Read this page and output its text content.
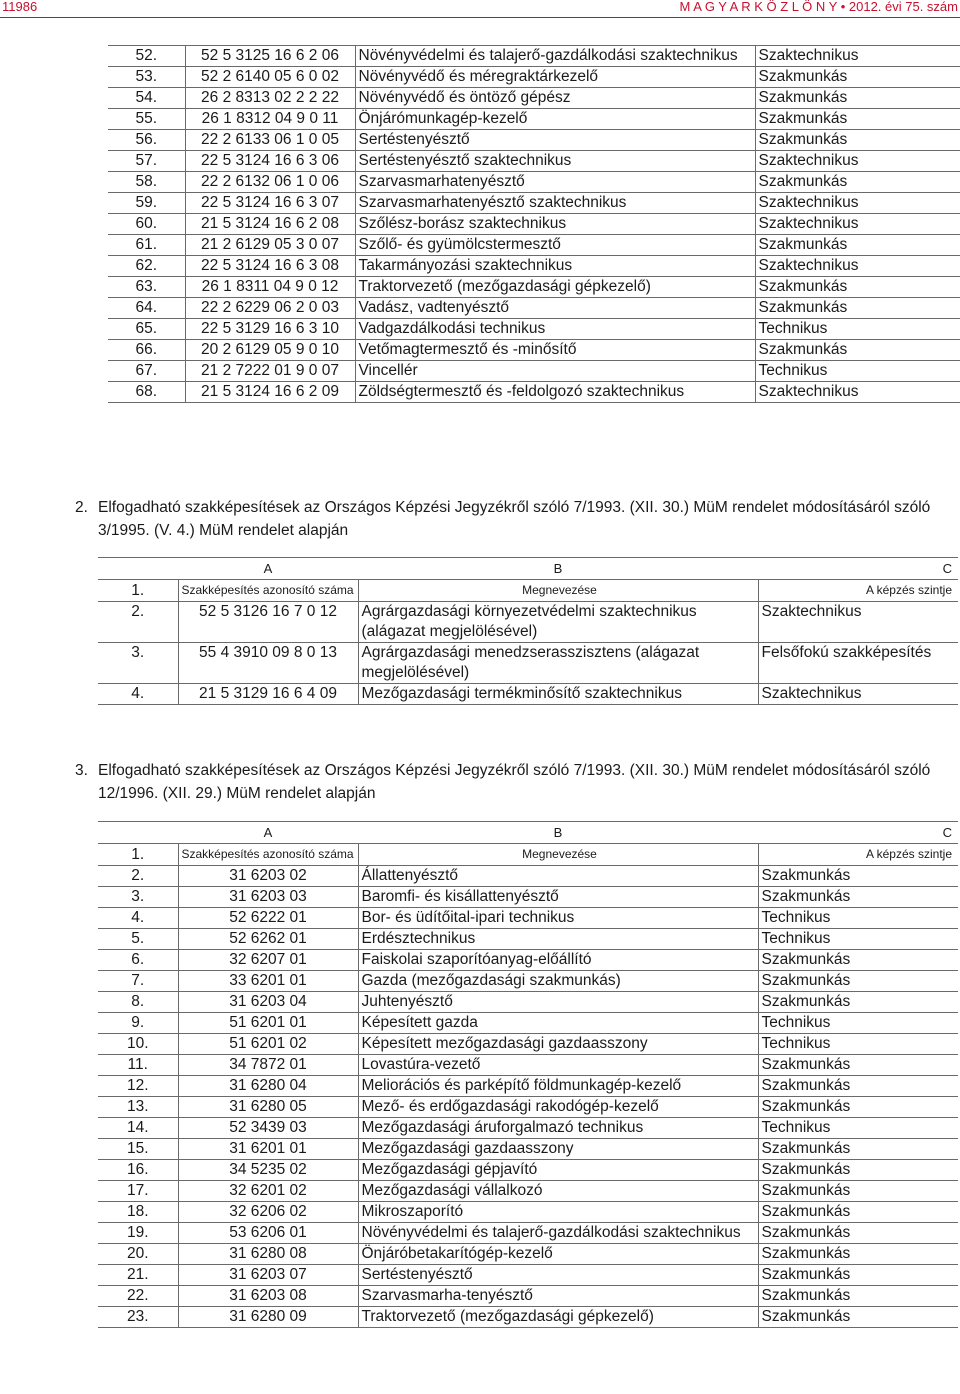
11986	M A G Y A R K Ö Z L Ö N Y • 2012. évi 75. szám
52.	52 5 3125 16 6 2 06	Növényvédelmi és talajerő-gazdálkodási szaktechnikus	Szaktechnikus
53.	52 2 6140 05 6 0 02	Növényvédő és méregraktárkezelő	Szakmunkás
54.	26 2 8313 02 2 2 22	Növényvédő és öntöző gépész	Szakmunkás
55.	26 1 8312 04 9 0 11	Önjárómunkagép-kezelő	Szakmunkás
56.	22 2 6133 06 1 0 05	Sertéstenyésztő	Szakmunkás
57.	22 5 3124 16 6 3 06	Sertéstenyésztő szaktechnikus	Szaktechnikus
58.	22 2 6132 06 1 0 06	Szarvasmarhatenyésztő	Szakmunkás
59.	22 5 3124 16 6 3 07	Szarvasmarhatenyésztő szaktechnikus	Szaktechnikus
60.	21 5 3124 16 6 2 08	Szőlész-borász szaktechnikus	Szaktechnikus
61.	21 2 6129 05 3 0 07	Szőlő- és gyümölcstermesztő	Szakmunkás
62.	22 5 3124 16 6 3 08	Takarmányozási szaktechnikus	Szaktechnikus
63.	26 1 8311 04 9 0 12	Traktorvezető (mezőgazdasági gépkezelő)	Szakmunkás
64.	22 2 6229 06 2 0 03	Vadász, vadtenyésztő	Szakmunkás
65.	22 5 3129 16 6 3 10	Vadgazdálkodási technikus	Technikus
66.	20 2 6129 05 9 0 10	Vetőmagtermesztő és -minősítő	Szakmunkás
67.	21 2 7222 01 9 0 07	Vincellér	Technikus
68.	21 5 3124 16 6 2 09	Zöldségtermesztő és -feldolgozó szaktechnikus	Szaktechnikus
2. Elfogadható szakképesítések az Országos Képzési Jegyzékről szóló 7/1993. (XII. 30.) MüM rendelet módosításáról szóló
3/1995. (V. 4.) MüM rendelet alapján
	A	B	C
1.	Szakképesítés azonosító száma	Megnevezése	A képzés szintje
2.	52 5 3126 16 7 0 12	Agrárgazdasági környezetvédelmi szaktechnikus (alágazat megjelölésével)	Szaktechnikus
3.	55 4 3910 09 8 0 13	Agrárgazdasági menedzserasszisztens (alágazat megjelölésével)	Felsőfokú szakképesítés
4.	21 5 3129 16 6 4 09	Mezőgazdasági termékminősítő szaktechnikus	Szaktechnikus
3. Elfogadható szakképesítések az Országos Képzési Jegyzékről szóló 7/1993. (XII. 30.) MüM rendelet módosításáról szóló
12/1996. (XII. 29.) MüM rendelet alapján
	A	B	C
1.	Szakképesítés azonosító száma	Megnevezése	A képzés szintje
2.	31 6203 02	Állattenyésztő	Szakmunkás
3.	31 6203 03	Baromfi- és kisállattenyésztő	Szakmunkás
4.	52 6222 01	Bor- és üdítőital-ipari technikus	Technikus
5.	52 6262 01	Erdésztechnikus	Technikus
6.	32 6207 01	Faiskolai szaporítóanyag-előállító	Szakmunkás
7.	33 6201 01	Gazda (mezőgazdasági szakmunkás)	Szakmunkás
8.	31 6203 04	Juhtenyésztő	Szakmunkás
9.	51 6201 01	Képesített gazda	Technikus
10.	51 6201 02	Képesített mezőgazdasági gazdaasszony	Technikus
11.	34 7872 01	Lovastúra-vezető	Szakmunkás
12.	31 6280 04	Meliorációs és parképítő földmunkagép-kezelő	Szakmunkás
13.	31 6280 05	Mező- és erdőgazdasági rakodógép-kezelő	Szakmunkás
14.	52 3439 03	Mezőgazdasági áruforgalmazó technikus	Technikus
15.	31 6201 01	Mezőgazdasági gazdaasszony	Szakmunkás
16.	34 5235 02	Mezőgazdasági gépjavító	Szakmunkás
17.	32 6201 02	Mezőgazdasági vállalkozó	Szakmunkás
18.	32 6206 02	Mikroszaporító	Szakmunkás
19.	53 6206 01	Növényvédelmi és talajerő-gazdálkodási szaktechnikus	Szakmunkás
20.	31 6280 08	Önjáróbetakarítógép-kezelő	Szakmunkás
21.	31 6203 07	Sertéstenyésztő	Szakmunkás
22.	31 6203 08	Szarvasmarha-tenyésztő	Szakmunkás
23.	31 6280 09	Traktorvezető (mezőgazdasági gépkezelő)	Szakmunkás
